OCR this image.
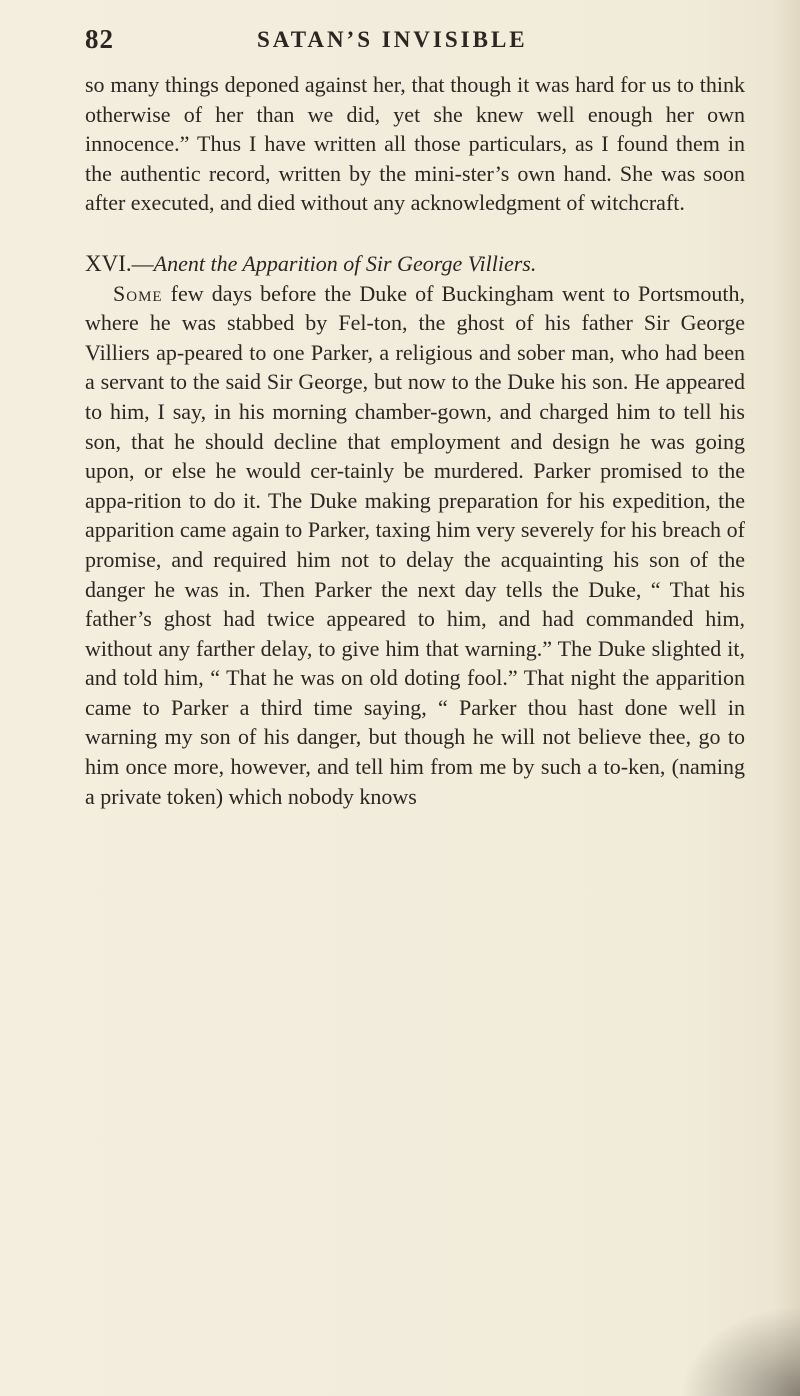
82	SATAN’S INVISIBLE

so many things deponed against her, that though it was hard for us to think otherwise of her than we did, yet she knew well enough her own innocence.” Thus I have written all those particulars, as I found them in the authentic record, written by the mini-ster’s own hand. She was soon after executed, and died without any acknowledgment of witchcraft.

XVI.—Anent the Apparition of Sir George Villiers.

Some few days before the Duke of Buckingham went to Portsmouth, where he was stabbed by Fel-ton, the ghost of his father Sir George Villiers ap-peared to one Parker, a religious and sober man, who had been a servant to the said Sir George, but now to the Duke his son. He appeared to him, I say, in his morning chamber-gown, and charged him to tell his son, that he should decline that employment and design he was going upon, or else he would cer-tainly be murdered. Parker promised to the appa-rition to do it. The Duke making preparation for his expedition, the apparition came again to Parker, taxing him very severely for his breach of promise, and required him not to delay the acquainting his son of the danger he was in. Then Parker the next day tells the Duke, “ That his father’s ghost had twice appeared to him, and had commanded him, without any farther delay, to give him that warning.” The Duke slighted it, and told him, “ That he was on old doting fool.” That night the apparition came to Parker a third time saying, “ Parker thou hast done well in warning my son of his danger, but though he will not believe thee, go to him once more, however, and tell him from me by such a to-ken, (naming a private token) which nobody knows
